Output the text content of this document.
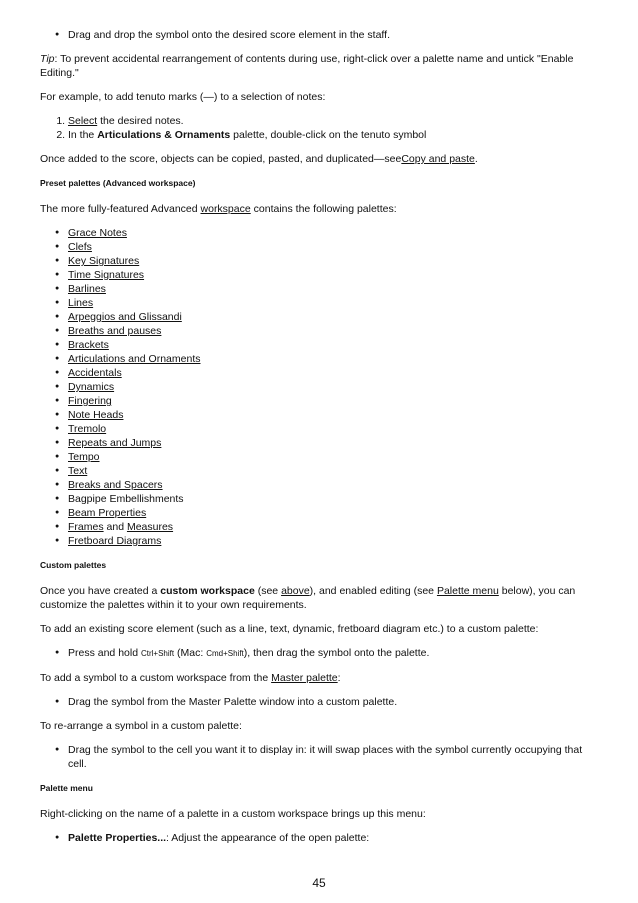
● Drag and drop the symbol onto the desired score element in the staff.

Tip: To prevent accidental rearrangement of contents during use, right-click over a palette name and untick "Enable Editing."

For example, to add tenuto marks (—) to a selection of notes:

1. Select the desired notes.
2. In the Articulations & Ornaments palette, double-click on the tenuto symbol

Once added to the score, objects can be copied, pasted, and duplicated—seeCopy and paste.

Preset palettes (Advanced workspace)

The more fully-featured Advanced workspace contains the following palettes:

● Grace Notes
● Clefs
● Key Signatures
● Time Signatures
● Barlines
● Lines
● Arpeggios and Glissandi
● Breaths and pauses
● Brackets
● Articulations and Ornaments
● Accidentals
● Dynamics
● Fingering
● Note Heads
● Tremolo
● Repeats and Jumps
● Tempo
● Text
● Breaks and Spacers
● Bagpipe Embellishments
● Beam Properties
● Frames and Measures
● Fretboard Diagrams

Custom palettes

Once you have created a custom workspace (see above), and enabled editing (see Palette menu below), you can customize the palettes within it to your own requirements.

To add an existing score element (such as a line, text, dynamic, fretboard diagram etc.) to a custom palette:

● Press and hold Ctrl+Shift (Mac: Cmd+Shift), then drag the symbol onto the palette.

To add a symbol to a custom workspace from the Master palette:

● Drag the symbol from the Master Palette window into a custom palette.

To re-arrange a symbol in a custom palette:

● Drag the symbol to the cell you want it to display in: it will swap places with the symbol currently occupying that cell.

Palette menu

Right-clicking on the name of a palette in a custom workspace brings up this menu:

● Palette Properties...: Adjust the appearance of the open palette:
45
